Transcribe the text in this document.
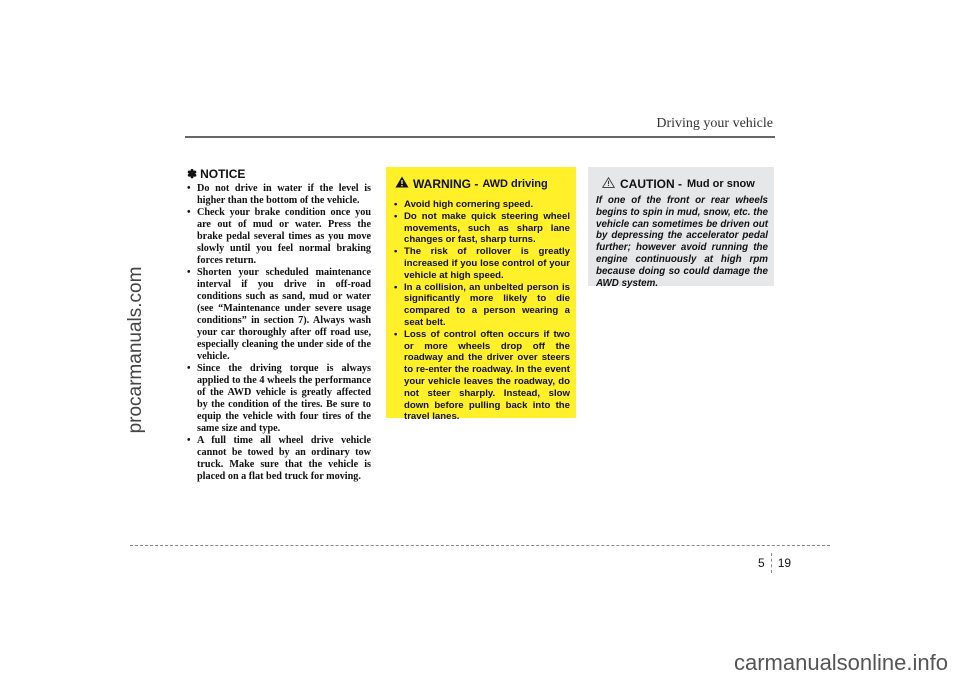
Driving your vehicle
procarmanuals.com
✽ NOTICE
• Do not drive in water if the level is higher than the bottom of the vehicle.
• Check your brake condition once you are out of mud or water. Press the brake pedal several times as you move slowly until you feel normal braking forces return.
• Shorten your scheduled maintenance interval if you drive in off-road conditions such as sand, mud or water (see “Maintenance under severe usage conditions” in section 7). Always wash your car thoroughly after off road use, especially cleaning the under side of the vehicle.
• Since the driving torque is always applied to the 4 wheels the performance of the AWD vehicle is greatly affected by the condition of the tires. Be sure to equip the vehicle with four tires of the same size and type.
• A full time all wheel drive vehicle cannot be towed by an ordinary tow truck. Make sure that the vehicle is placed on a flat bed truck for moving.
WARNING - AWD driving
• Avoid high cornering speed.
• Do not make quick steering wheel movements, such as sharp lane changes or fast, sharp turns.
• The risk of rollover is greatly increased if you lose control of your vehicle at high speed.
• In a collision, an unbelted person is significantly more likely to die compared to a person wearing a seat belt.
• Loss of control often occurs if two or more wheels drop off the roadway and the driver over steers to re-enter the roadway. In the event your vehicle leaves the roadway, do not steer sharply. Instead, slow down before pulling back into the travel lanes.
CAUTION - Mud or snow

If one of the front or rear wheels begins to spin in mud, snow, etc. the vehicle can sometimes be driven out by depressing the accelerator pedal further; however avoid running the engine continuously at high rpm because doing so could damage the AWD system.

5 19
carmanualsonline.info
